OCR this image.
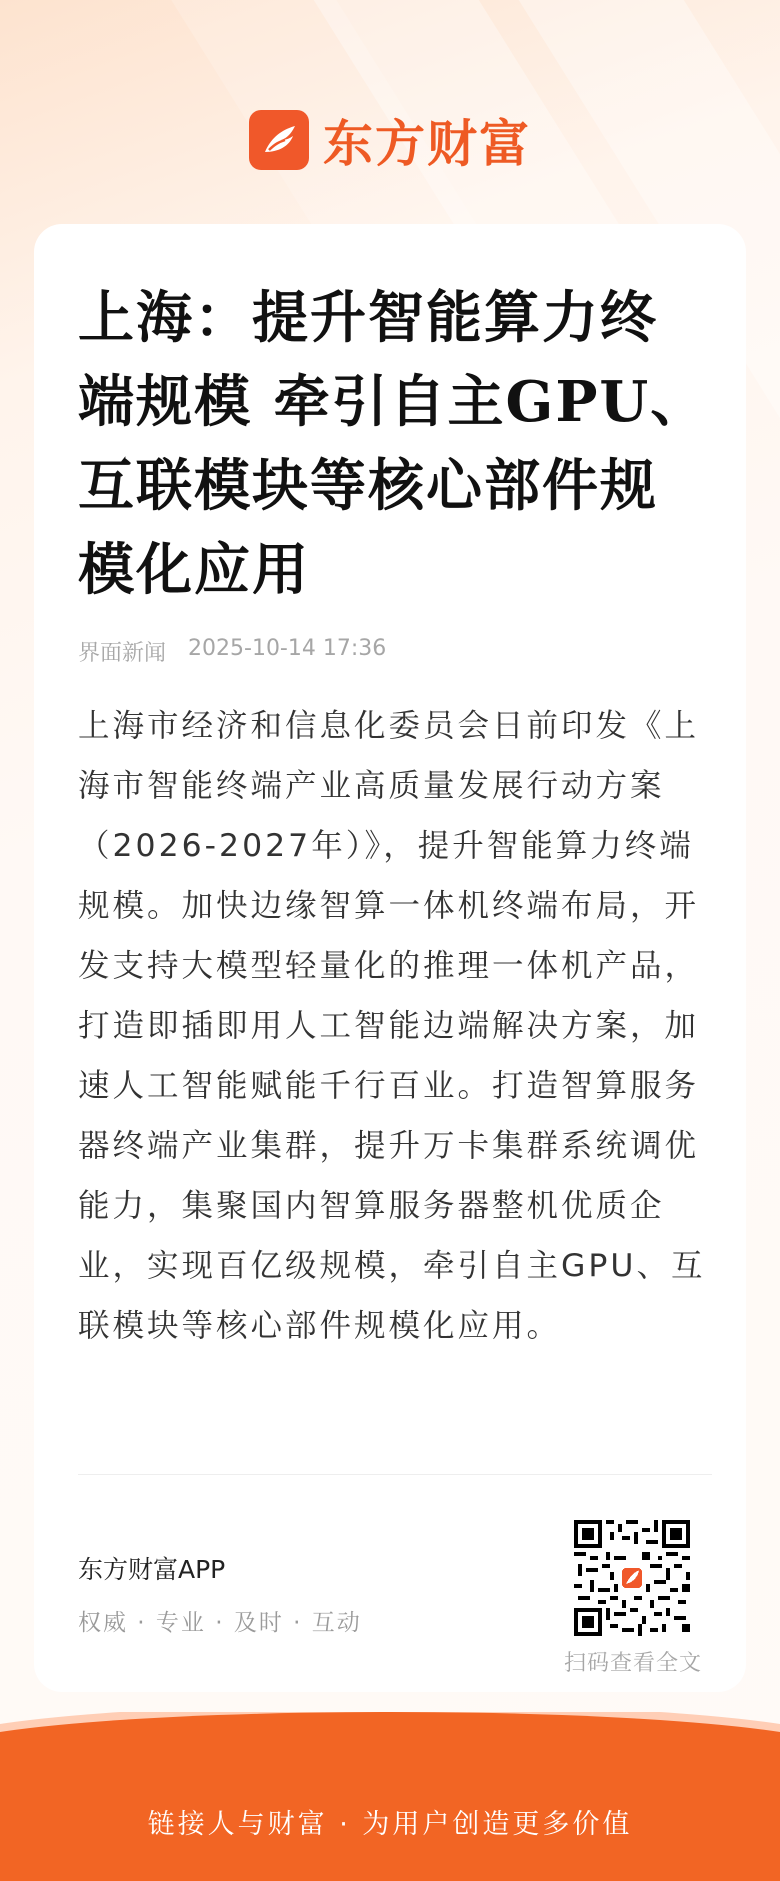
东方财富
上海：提升智能算力终端规模 牵引自主GPU、互联模块等核心部件规模化应用
界面新闻 2025-10-14 17:36

上海市经济和信息化委员会日前印发《上海市智能终端产业高质量发展行动方案（2026-2027年）》，提升智能算力终端规模。加快边缘智算一体机终端布局，开发支持大模型轻量化的推理一体机产品，打造即插即用人工智能边端解决方案，加速人工智能赋能千行百业。打造智算服务器终端产业集群，提升万卡集群系统调优能力，集聚国内智算服务器整机优质企业，实现百亿级规模，牵引自主GPU、互联模块等核心部件规模化应用。

东方财富APP
权威 · 专业 · 及时 · 互动
扫码查看全文
链接人与财富 · 为用户创造更多价值
